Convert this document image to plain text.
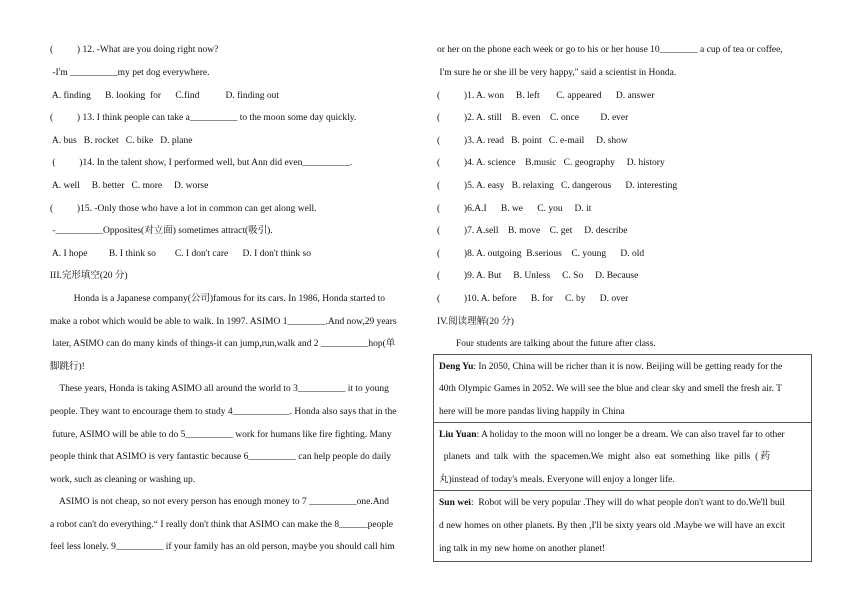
(          ) 12. -What are you doing right now?
-I'm __________my pet dog everywhere.
A. finding      B. looking  for      C.find           D. finding out
(          ) 13. I think people can take a__________ to the moon some day quickly.
A. bus   B. rocket   C. bike   D. plane
(          )14. In the talent show, I performed well, but Ann did even__________.
A. well     B. better   C. more     D. worse
(          )15. -Only those who have a lot in common can get along well.
-__________Opposites(对立面) sometimes attract(吸引).
A. I hope         B. I think so        C. I don't care      D. I don't think so
III.完形填空(20 分)
Honda is a Japanese company(公司)famous for its cars. In 1986, Honda started to
make a robot which would be able to walk. In 1997. ASIMO 1________.And now,29 years
later, ASIMO can do many kinds of things-it can jump,run,walk and 2 __________hop(单
脚跳行)!
These years, Honda is taking ASIMO all around the world to 3__________ it to young
people. They want to encourage them to study 4____________. Honda also says that in the
future, ASIMO will be able to do 5__________ work for humans like fire fighting. Many
people think that ASIMO is very fantastic because 6__________ can help people do daily
work, such as cleaning or washing up.
ASIMO is not cheap, so not every person has enough money to 7 __________one.And
a robot can't do everything.“ I really don't think that ASIMO can make the 8______people
feel less lonely. 9__________ if your family has an old person, maybe you should call him
or her on the phone each week or go to his or her house 10________ a cup of tea or coffee,
I'm sure he or she ill be very happy," said a scientist in Honda.
(          )1. A. won     B. left       C. appeared      D. answer
(          )2. A. still    B. even    C. once         D. ever
(          )3. A. read   B. point   C. e-mail     D. show
(          )4. A. science    B.music   C. geography     D. history
(          )5. A. easy   B. relaxing   C. dangerous      D. interesting
(          )6.A.I      B. we      C. you     D. it
(          )7. A.sell    B. move    C. get     D. describe
(          )8. A. outgoing  B.serious    C. young      D. old
(          )9. A. But     B. Unless     C. So     D. Because
(          )10. A. before      B. for     C. by      D. over
IV.阅读理解(20 分)
Four students are talking about the future after class.
Deng Yu: In 2050, China will be richer than it is now. Beijing will be getting ready for the
40th Olympic Games in 2052. We will see the blue and clear sky and smell the fresh air. T
here will be more pandas living happily in China
Liu Yuan: A holiday to the moon will no longer be a dream. We can also travel far to other
planets  and  talk  with  the  spacemen.We  might  also  eat  something  like  pills  ( 药
丸)instead of today's meals. Everyone will enjoy a longer life.
Sun wei:  Robot will be very popular .They will do what people don't want to do.We'll buil
d new homes on other planets. By then ,I'll be sixty years old .Maybe we will have an excit
ing talk in my new home on another planet!
